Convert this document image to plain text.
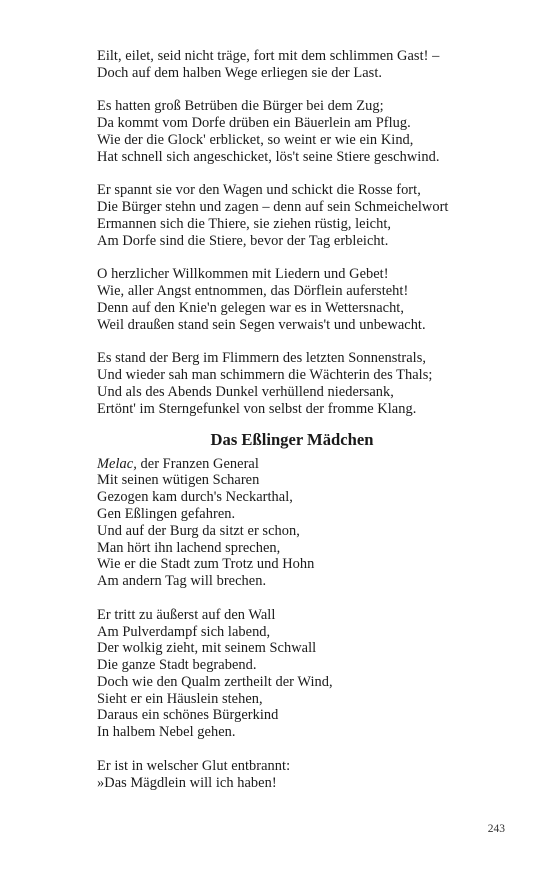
Eilt, eilet, seid nicht träge, fort mit dem schlimmen Gast! –
Doch auf dem halben Wege erliegen sie der Last.
Es hatten groß Betrüben die Bürger bei dem Zug;
Da kommt vom Dorfe drüben ein Bäuerlein am Pflug.
Wie der die Glock' erblicket, so weint er wie ein Kind,
Hat schnell sich angeschicket, lös't seine Stiere geschwind.
Er spannt sie vor den Wagen und schickt die Rosse fort,
Die Bürger stehn und zagen – denn auf sein Schmeichelwort
Ermannen sich die Thiere, sie ziehen rüstig, leicht,
Am Dorfe sind die Stiere, bevor der Tag erbleicht.
O herzlicher Willkommen mit Liedern und Gebet!
Wie, aller Angst entnommen, das Dörflein aufersteht!
Denn auf den Knie'n gelegen war es in Wettersnacht,
Weil draußen stand sein Segen verwais't und unbewacht.
Es stand der Berg im Flimmern des letzten Sonnenstrals,
Und wieder sah man schimmern die Wächterin des Thals;
Und als des Abends Dunkel verhüllend niedersank,
Ertönt' im Sterngefunkel von selbst der fromme Klang.
Das Eßlinger Mädchen
Melac, der Franzen General
Mit seinen wütigen Scharen
Gezogen kam durch's Neckarthal,
Gen Eßlingen gefahren.
Und auf der Burg da sitzt er schon,
Man hört ihn lachend sprechen,
Wie er die Stadt zum Trotz und Hohn
Am andern Tag will brechen.
Er tritt zu äußerst auf den Wall
Am Pulverdampf sich labend,
Der wolkig zieht, mit seinem Schwall
Die ganze Stadt begrabend.
Doch wie den Qualm zertheilt der Wind,
Sieht er ein Häuslein stehen,
Daraus ein schönes Bürgerkind
In halbem Nebel gehen.
Er ist in welscher Glut entbrannt:
»Das Mägdlein will ich haben!
243
